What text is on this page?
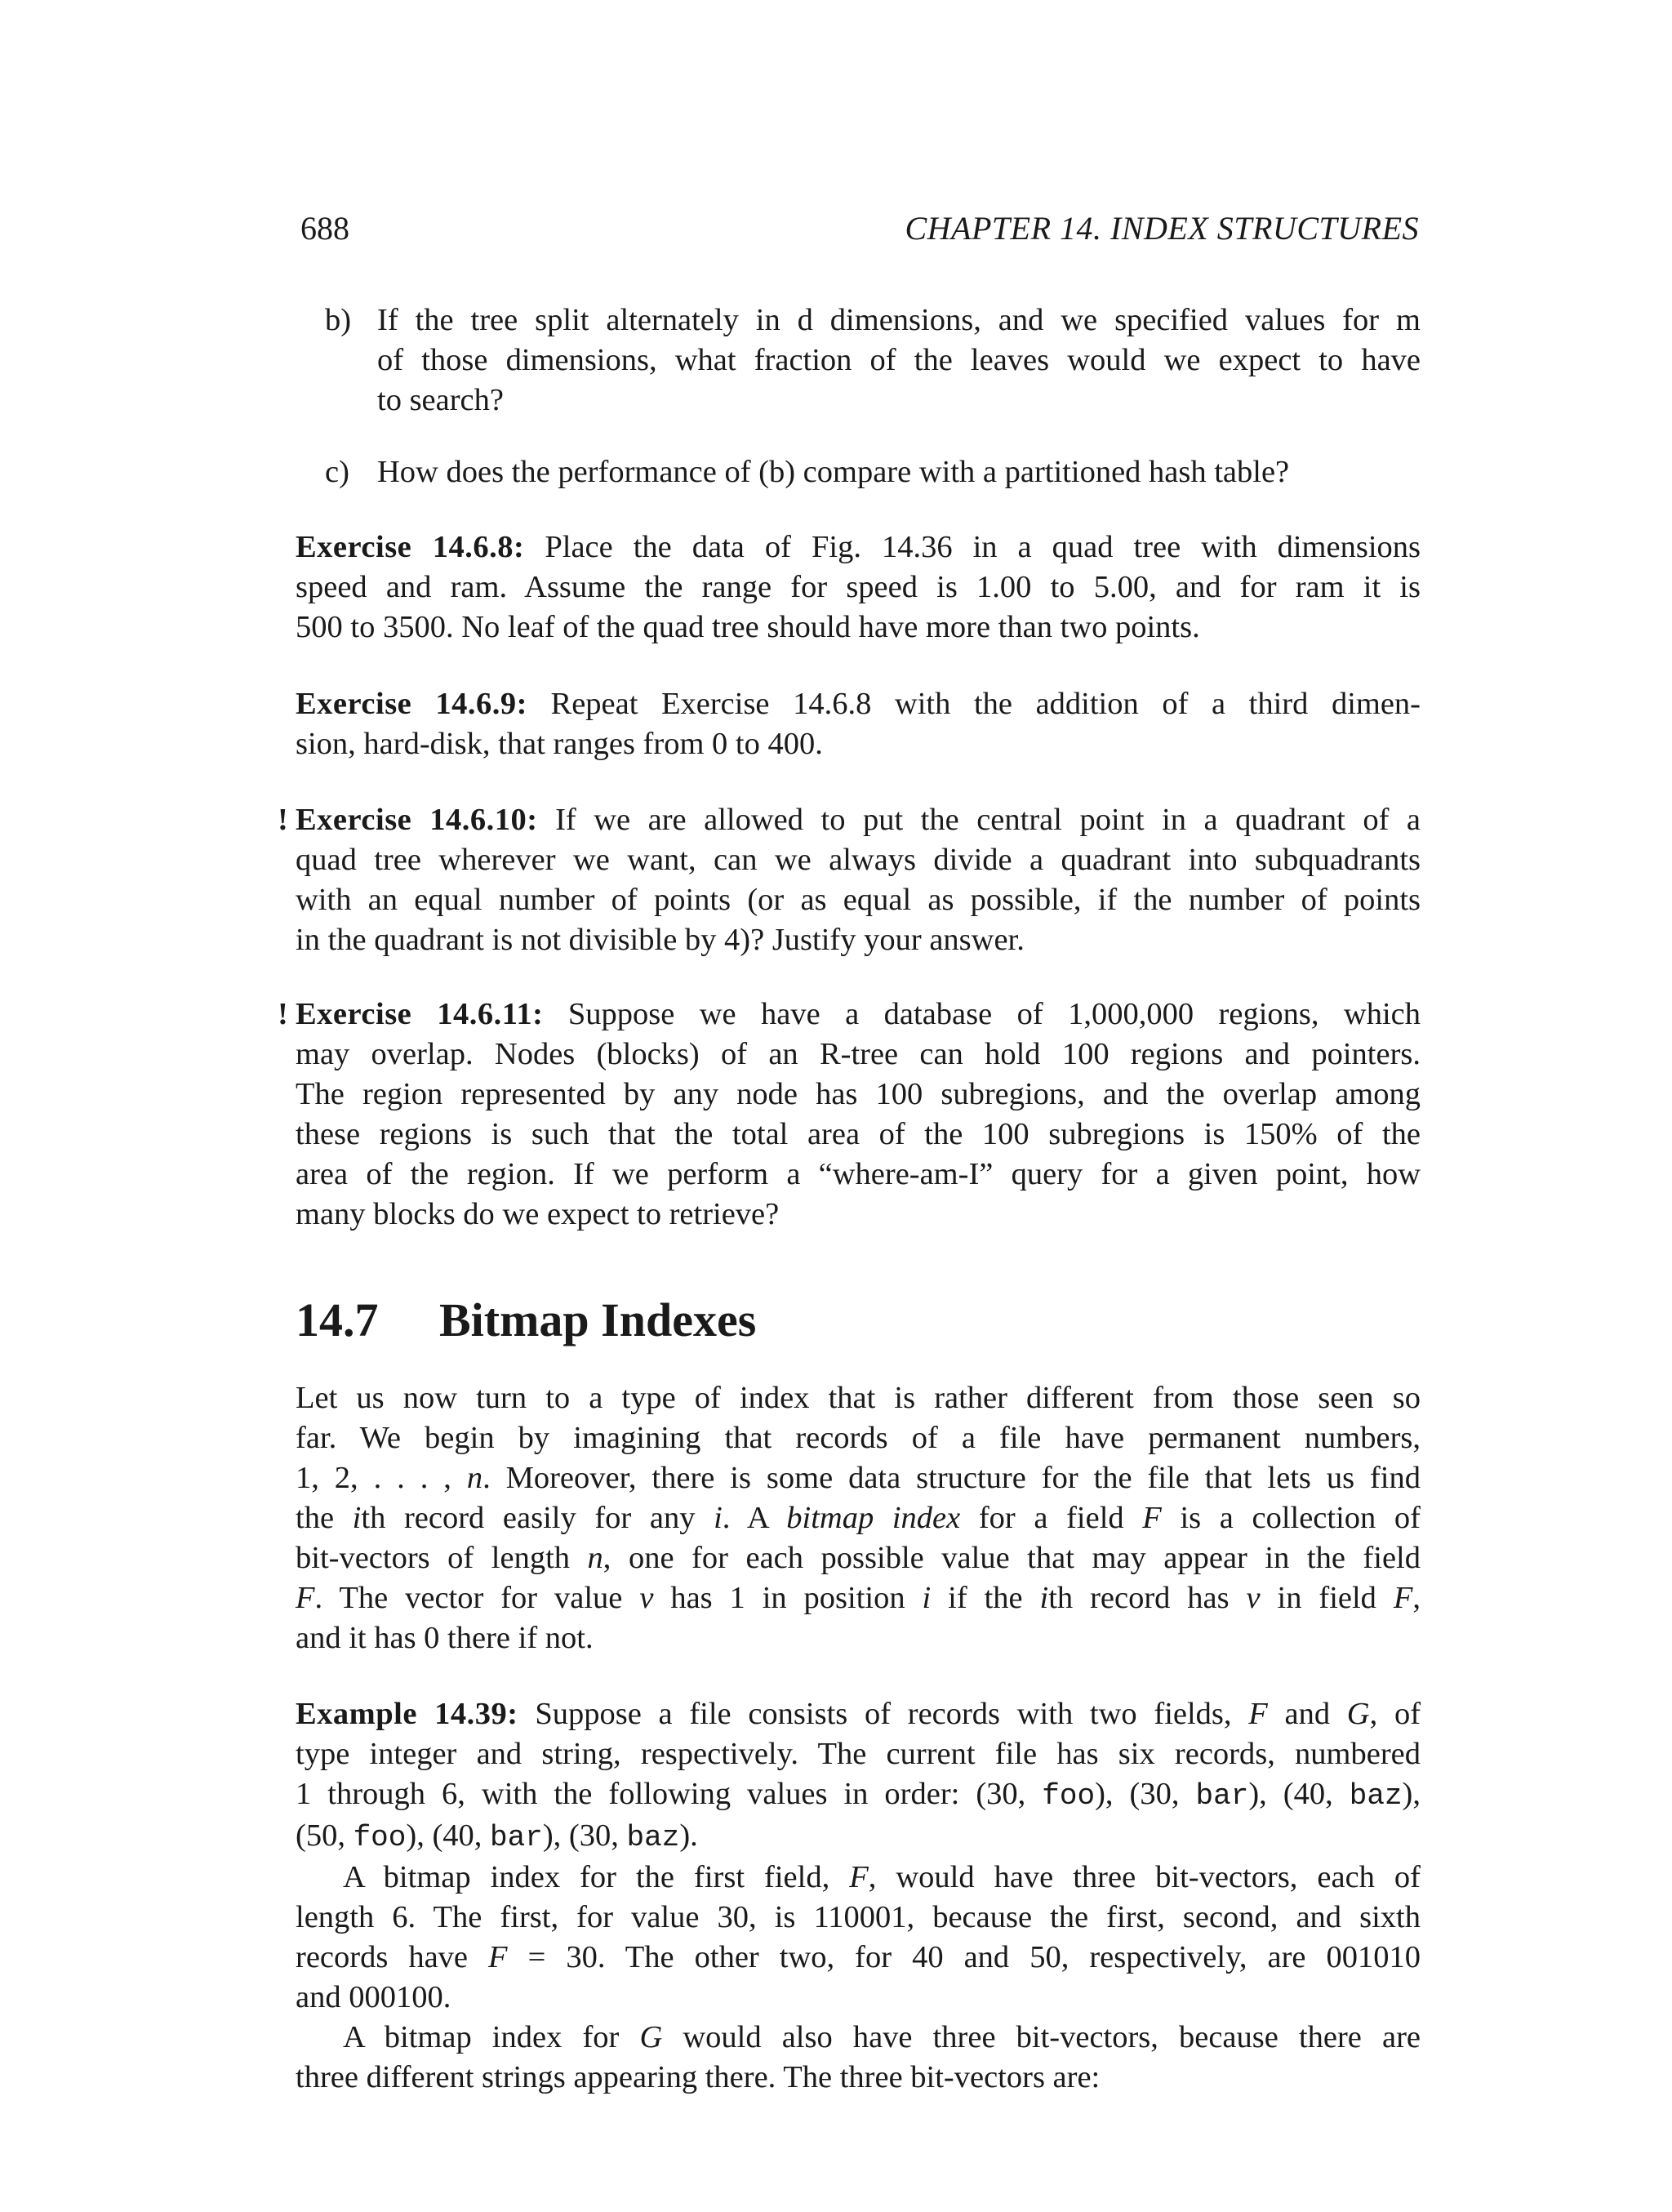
688	CHAPTER 14. INDEX STRUCTURES
b) If the tree split alternately in d dimensions, and we specified values for m
of those dimensions, what fraction of the leaves would we expect to have
to search?
c) How does the performance of (b) compare with a partitioned hash table?
Exercise 14.6.8: Place the data of Fig. 14.36 in a quad tree with dimensions
speed and ram. Assume the range for speed is 1.00 to 5.00, and for ram it is
500 to 3500. No leaf of the quad tree should have more than two points.
Exercise 14.6.9: Repeat Exercise 14.6.8 with the addition of a third dimen-
sion, hard-disk, that ranges from 0 to 400.
! Exercise 14.6.10: If we are allowed to put the central point in a quadrant of a
quad tree wherever we want, can we always divide a quadrant into subquadrants
with an equal number of points (or as equal as possible, if the number of points
in the quadrant is not divisible by 4)? Justify your answer.
! Exercise 14.6.11: Suppose we have a database of 1,000,000 regions, which
may overlap. Nodes (blocks) of an R-tree can hold 100 regions and pointers.
The region represented by any node has 100 subregions, and the overlap among
these regions is such that the total area of the 100 subregions is 150% of the
area of the region. If we perform a “where-am-I” query for a given point, how
many blocks do we expect to retrieve?
14.7 Bitmap Indexes
Let us now turn to a type of index that is rather different from those seen so
far. We begin by imagining that records of a file have permanent numbers,
1, 2, . . . , n. Moreover, there is some data structure for the file that lets us find
the ith record easily for any i. A bitmap index for a field F is a collection of
bit-vectors of length n, one for each possible value that may appear in the field
F. The vector for value v has 1 in position i if the ith record has v in field F,
and it has 0 there if not.
Example 14.39: Suppose a file consists of records with two fields, F and G, of
type integer and string, respectively. The current file has six records, numbered
1 through 6, with the following values in order: (30, foo), (30, bar), (40, baz),
(50, foo), (40, bar), (30, baz).
A bitmap index for the first field, F, would have three bit-vectors, each of
length 6. The first, for value 30, is 110001, because the first, second, and sixth
records have F = 30. The other two, for 40 and 50, respectively, are 001010
and 000100.
A bitmap index for G would also have three bit-vectors, because there are
three different strings appearing there. The three bit-vectors are:
